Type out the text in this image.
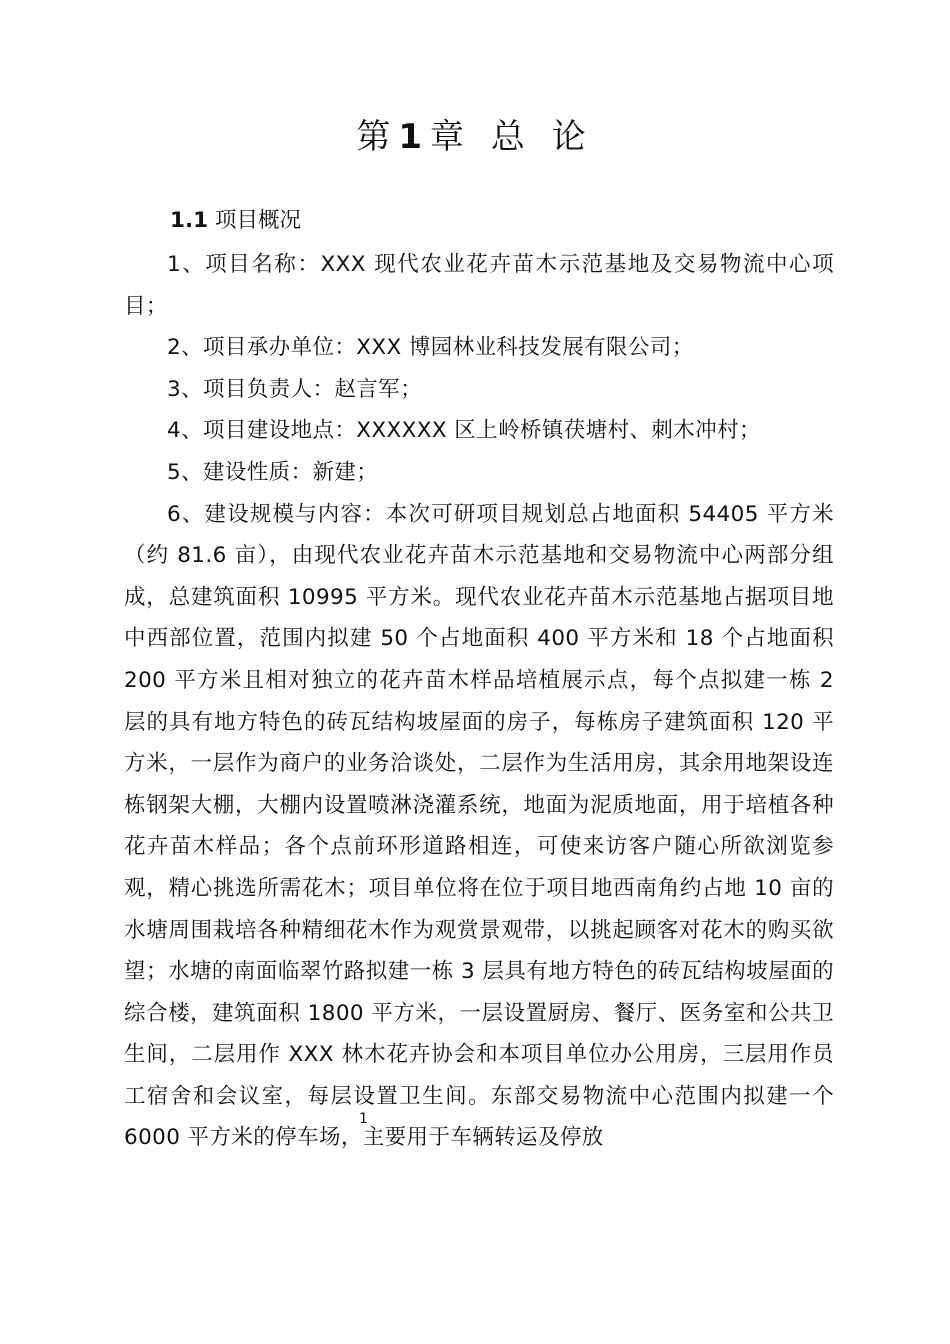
第1章 总 论
1.1 项目概况

1、项目名称：XXX 现代农业花卉苗木示范基地及交易物流中心项目；

2、项目承办单位：XXX 博园林业科技发展有限公司；

3、项目负责人：赵言军；

4、项目建设地点：XXXXXX 区上岭桥镇茯塘村、刺木冲村；

5、建设性质：新建；

6、建设规模与内容：本次可研项目规划总占地面积 54405 平方米（约 81.6 亩），由现代农业花卉苗木示范基地和交易物流中心两部分组成，总建筑面积 10995 平方米。现代农业花卉苗木示范基地占据项目地中西部位置，范围内拟建 50 个占地面积 400 平方米和 18 个占地面积 200 平方米且相对独立的花卉苗木样品培植展示点，每个点拟建一栋 2 层的具有地方特色的砖瓦结构坡屋面的房子，每栋房子建筑面积 120 平方米，一层作为商户的业务洽谈处，二层作为生活用房，其余用地架设连栋钢架大棚，大棚内设置喷淋浇灌系统，地面为泥质地面，用于培植各种花卉苗木样品；各个点前环形道路相连，可使来访客户随心所欲浏览参观，精心挑选所需花木；项目单位将在位于项目地西南角约占地 10 亩的水塘周围栽培各种精细花木作为观赏景观带，以挑起顾客对花木的购买欲望；水塘的南面临翠竹路拟建一栋 3 层具有地方特色的砖瓦结构坡屋面的综合楼，建筑面积 1800 平方米，一层设置厨房、餐厅、医务室和公共卫生间，二层用作 XXX 林木花卉协会和本项目单位办公用房，三层用作员工宿舍和会议室，每层设置卫生间。东部交易物流中心范围内拟建一个 6000 平方米的停车场，主要用于车辆转运及停放

1
